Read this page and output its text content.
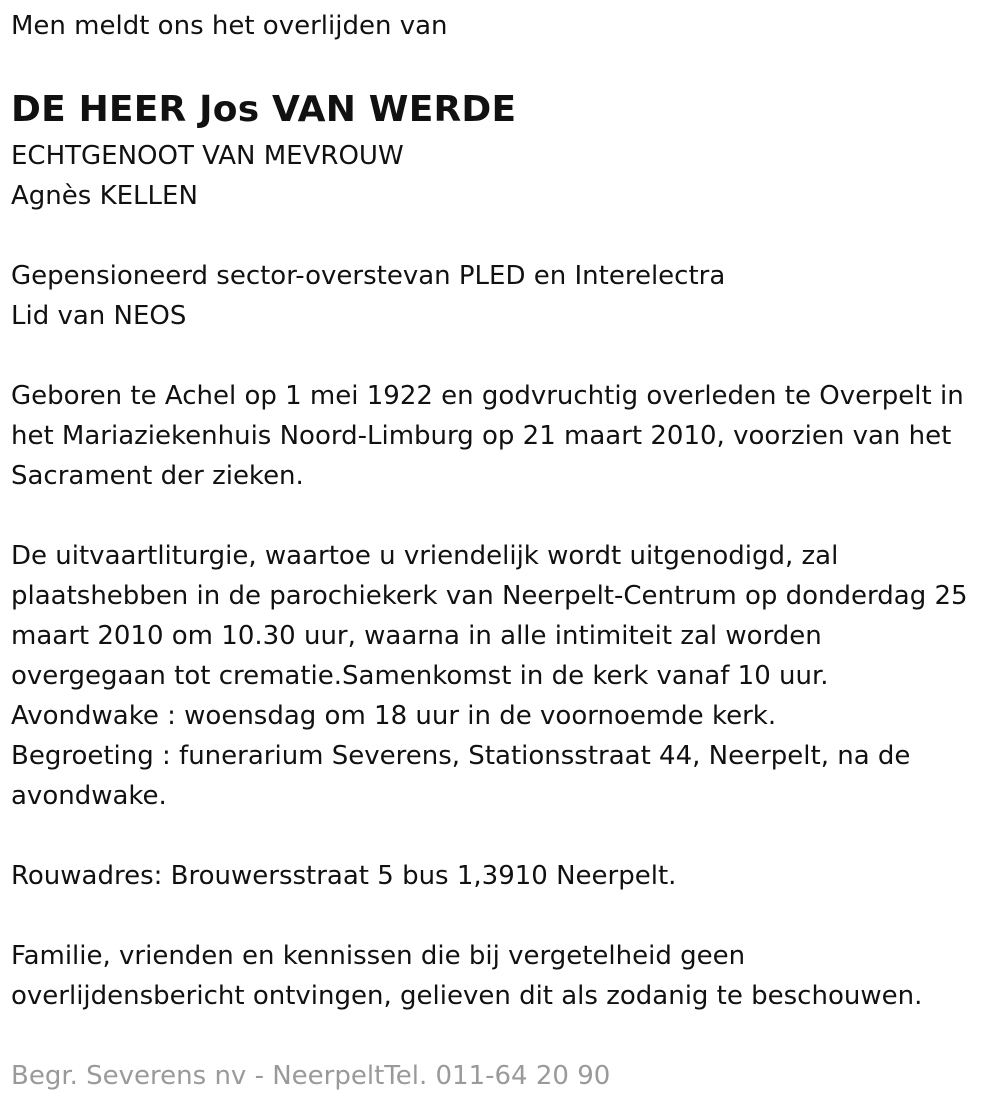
Men meldt ons het overlijden van
DE HEER Jos VAN WERDE
ECHTGENOOT VAN MEVROUW
Agnès KELLEN
Gepensioneerd sector-overstevan PLED en Interelectra
Lid van NEOS
Geboren te Achel op 1 mei 1922 en godvruchtig overleden te Overpelt in
het Mariaziekenhuis Noord-Limburg op 21 maart 2010, voorzien van het
Sacrament der zieken.
De uitvaartliturgie, waartoe u vriendelijk wordt uitgenodigd, zal
plaatshebben in de parochiekerk van Neerpelt-Centrum op donderdag 25
maart 2010 om 10.30 uur, waarna in alle intimiteit zal worden
overgegaan tot crematie.Samenkomst in de kerk vanaf 10 uur.
Avondwake : woensdag om 18 uur in de voornoemde kerk.
Begroeting : funerarium Severens, Stationsstraat 44, Neerpelt, na de
avondwake.
Rouwadres: Brouwersstraat 5 bus 1,3910 Neerpelt.
Familie, vrienden en kennissen die bij vergetelheid geen
overlijdensbericht ontvingen, gelieven dit als zodanig te beschouwen.
Begr. Severens nv - NeerpeltTel. 011-64 20 90
